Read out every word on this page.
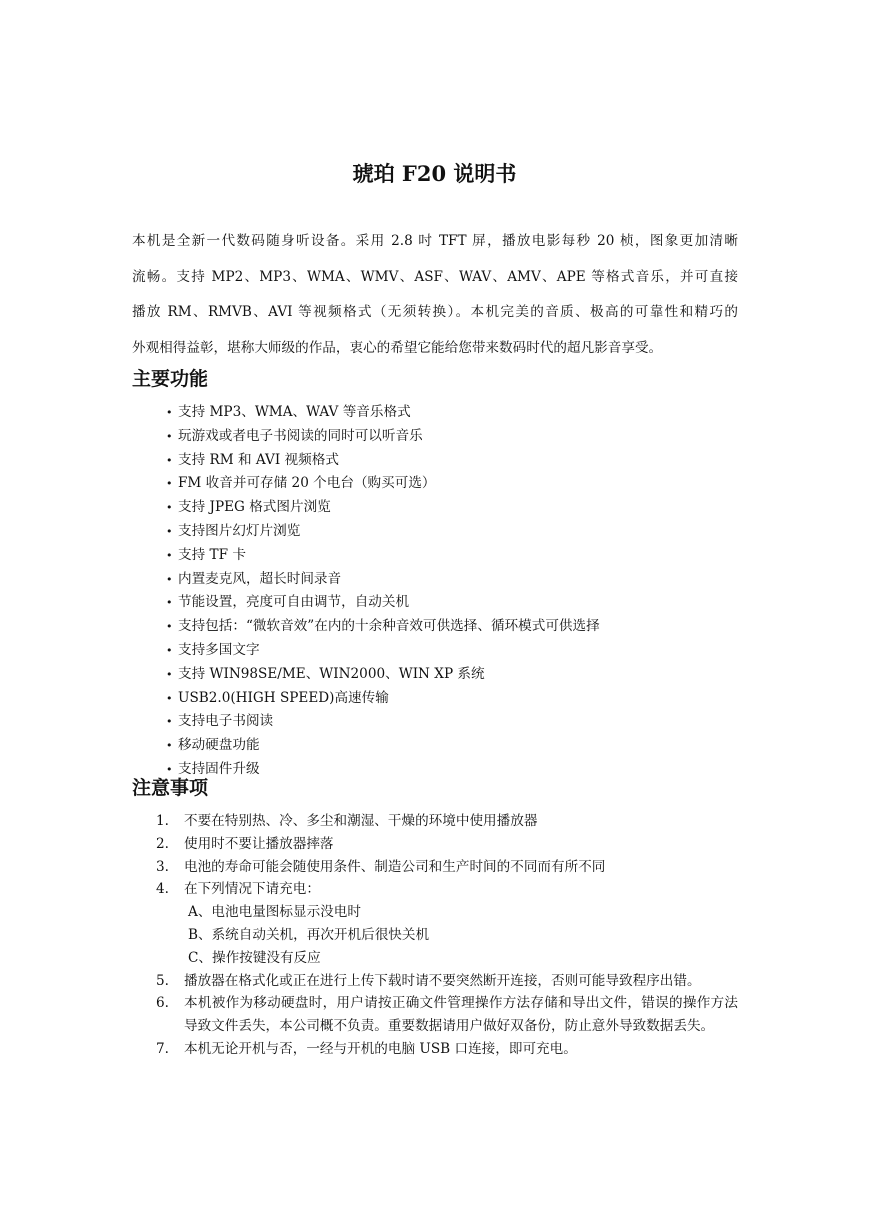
琥珀 F20 说明书

本机是全新一代数码随身听设备。采用 2.8 吋 TFT 屏，播放电影每秒 20 桢，图象更加清晰
流畅。支持 MP2、MP3、WMA、WMV、ASF、WAV、AMV、APE 等格式音乐，并可直接
播放 RM、RMVB、AVI 等视频格式（无须转换）。本机完美的音质、极高的可靠性和精巧的
外观相得益彰，堪称大师级的作品，衷心的希望它能给您带来数码时代的超凡影音享受。

主要功能
• 支持 MP3、WMA、WAV 等音乐格式
• 玩游戏或者电子书阅读的同时可以听音乐
• 支持 RM 和 AVI 视频格式
• FM 收音并可存储 20 个电台（购买可选）
• 支持 JPEG 格式图片浏览
• 支持图片幻灯片浏览
• 支持 TF 卡
• 内置麦克风，超长时间录音
• 节能设置，亮度可自由调节，自动关机
• 支持包括：“微软音效”在内的十余种音效可供选择、循环模式可供选择
• 支持多国文字
• 支持 WIN98SE/ME、WIN2000、WIN XP 系统
• USB2.0(HIGH SPEED)高速传输
• 支持电子书阅读
• 移动硬盘功能
• 支持固件升级
注意事项
1. 不要在特别热、冷、多尘和潮湿、干燥的环境中使用播放器
2. 使用时不要让播放器摔落
3. 电池的寿命可能会随使用条件、制造公司和生产时间的不同而有所不同
4. 在下列情况下请充电：
A、电池电量图标显示没电时
B、系统自动关机，再次开机后很快关机
C、操作按键没有反应
5. 播放器在格式化或正在进行上传下载时请不要突然断开连接，否则可能导致程序出错。
6. 本机被作为移动硬盘时，用户请按正确文件管理操作方法存储和导出文件，错误的操作方法导致文件丢失，本公司概不负责。重要数据请用户做好双备份，防止意外导致数据丢失。
7. 本机无论开机与否，一经与开机的电脑 USB 口连接，即可充电。
